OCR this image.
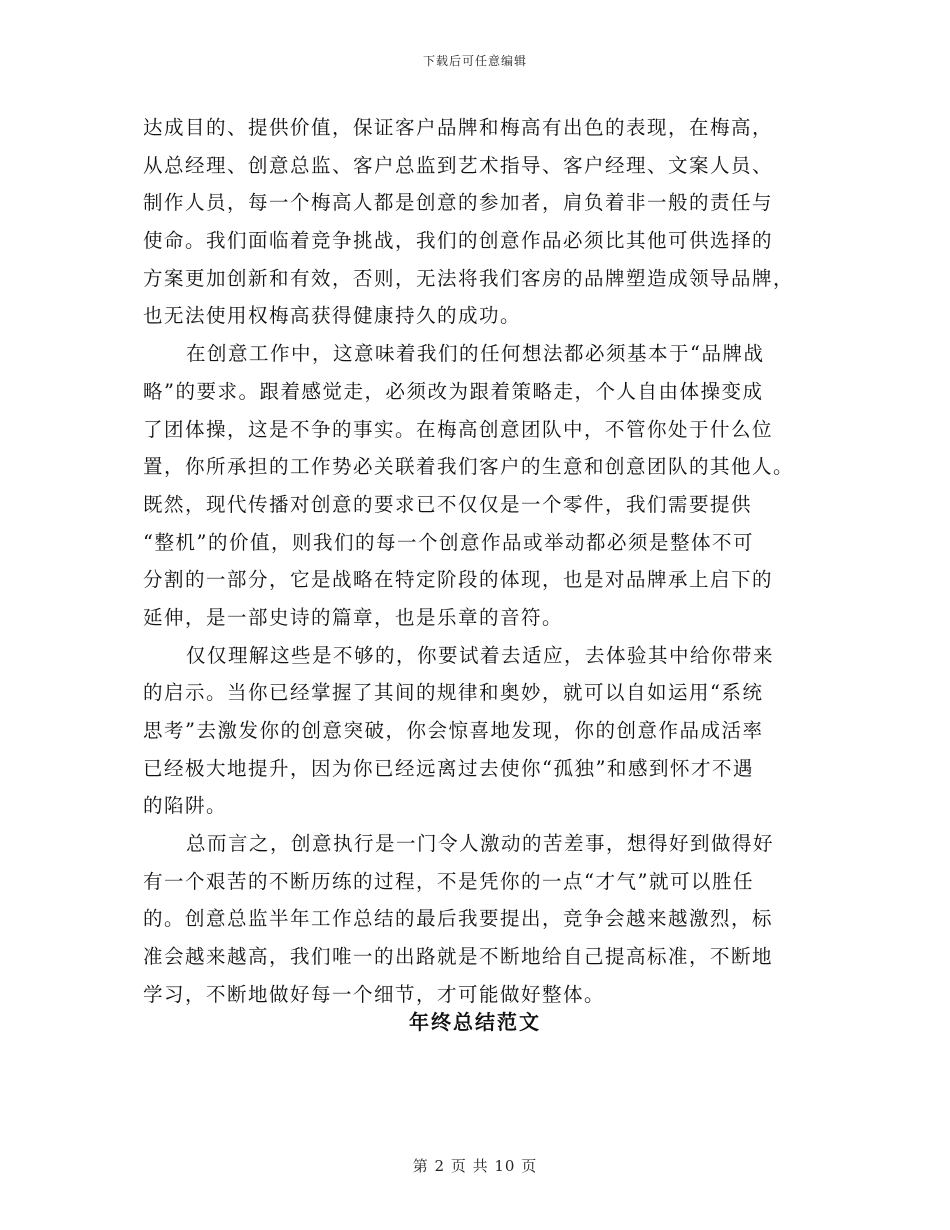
下载后可任意编辑
达成目的、提供价值，保证客户品牌和梅高有出色的表现，在梅高，
从总经理、创意总监、客户总监到艺术指导、客户经理、文案人员、
制作人员，每一个梅高人都是创意的参加者，肩负着非一般的责任与
使命。我们面临着竞争挑战，我们的创意作品必须比其他可供选择的
方案更加创新和有效，否则，无法将我们客房的品牌塑造成领导品牌，
也无法使用权梅高获得健康持久的成功。
在创意工作中，这意味着我们的任何想法都必须基本于“品牌战
略”的要求。跟着感觉走，必须改为跟着策略走，个人自由体操变成
了团体操，这是不争的事实。在梅高创意团队中，不管你处于什么位
置，你所承担的工作势必关联着我们客户的生意和创意团队的其他人。
既然，现代传播对创意的要求已不仅仅是一个零件，我们需要提供
“整机”的价值，则我们的每一个创意作品或举动都必须是整体不可
分割的一部分，它是战略在特定阶段的体现，也是对品牌承上启下的
延伸，是一部史诗的篇章，也是乐章的音符。
仅仅理解这些是不够的，你要试着去适应，去体验其中给你带来
的启示。当你已经掌握了其间的规律和奥妙，就可以自如运用“系统
思考”去激发你的创意突破，你会惊喜地发现，你的创意作品成活率
已经极大地提升，因为你已经远离过去使你“孤独”和感到怀才不遇
的陷阱。
总而言之，创意执行是一门令人激动的苦差事，想得好到做得好
有一个艰苦的不断历练的过程，不是凭你的一点“才气”就可以胜任
的。创意总监半年工作总结的最后我要提出，竞争会越来越激烈，标
准会越来越高，我们唯一的出路就是不断地给自己提高标准，不断地
学习，不断地做好每一个细节，才可能做好整体。
年终总结范文
第 2 页 共 10 页
